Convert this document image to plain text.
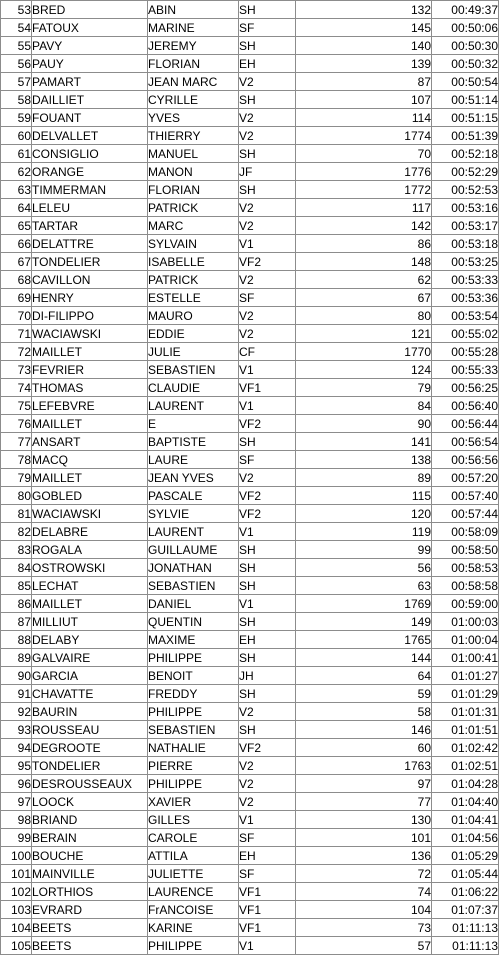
53	BRED	ABIN	SH	132	00:49:37
54	FATOUX	MARINE	SF	145	00:50:06
55	PAVY	JEREMY	SH	140	00:50:30
56	PAUY	FLORIAN	EH	139	00:50:32
57	PAMART	JEAN MARC	V2	87	00:50:54
58	DAILLIET	CYRILLE	SH	107	00:51:14
59	FOUANT	YVES	V2	114	00:51:15
60	DELVALLET	THIERRY	V2	1774	00:51:39
61	CONSIGLIO	MANUEL	SH	70	00:52:18
62	ORANGE	MANON	JF	1776	00:52:29
63	TIMMERMAN	FLORIAN	SH	1772	00:52:53
64	LELEU	PATRICK	V2	117	00:53:16
65	TARTAR	MARC	V2	142	00:53:17
66	DELATTRE	SYLVAIN	V1	86	00:53:18
67	TONDELIER	ISABELLE	VF2	148	00:53:25
68	CAVILLON	PATRICK	V2	62	00:53:33
69	HENRY	ESTELLE	SF	67	00:53:36
70	DI-FILIPPO	MAURO	V2	80	00:53:54
71	WACIAWSKI	EDDIE	V2	121	00:55:02
72	MAILLET	JULIE	CF	1770	00:55:28
73	FEVRIER	SEBASTIEN	V1	124	00:55:33
74	THOMAS	CLAUDIE	VF1	79	00:56:25
75	LEFEBVRE	LAURENT	V1	84	00:56:40
76	MAILLET	E	VF2	90	00:56:44
77	ANSART	BAPTISTE	SH	141	00:56:54
78	MACQ	LAURE	SF	138	00:56:56
79	MAILLET	JEAN YVES	V2	89	00:57:20
80	GOBLED	PASCALE	VF2	115	00:57:40
81	WACIAWSKI	SYLVIE	VF2	120	00:57:44
82	DELABRE	LAURENT	V1	119	00:58:09
83	ROGALA	GUILLAUME	SH	99	00:58:50
84	OSTROWSKI	JONATHAN	SH	56	00:58:53
85	LECHAT	SEBASTIEN	SH	63	00:58:58
86	MAILLET	DANIEL	V1	1769	00:59:00
87	MILLIUT	QUENTIN	SH	149	01:00:03
88	DELABY	MAXIME	EH	1765	01:00:04
89	GALVAIRE	PHILIPPE	SH	144	01:00:41
90	GARCIA	BENOIT	JH	64	01:01:27
91	CHAVATTE	FREDDY	SH	59	01:01:29
92	BAURIN	PHILIPPE	V2	58	01:01:31
93	ROUSSEAU	SEBASTIEN	SH	146	01:01:51
94	DEGROOTE	NATHALIE	VF2	60	01:02:42
95	TONDELIER	PIERRE	V2	1763	01:02:51
96	DESROUSSEAUX	PHILIPPE	V2	97	01:04:28
97	LOOCK	XAVIER	V2	77	01:04:40
98	BRIAND	GILLES	V1	130	01:04:41
99	BERAIN	CAROLE	SF	101	01:04:56
100	BOUCHE	ATTILA	EH	136	01:05:29
101	MAINVILLE	JULIETTE	SF	72	01:05:44
102	LORTHIOS	LAURENCE	VF1	74	01:06:22
103	EVRARD	FrANCOISE	VF1	104	01:07:37
104	BEETS	KARINE	VF1	73	01:11:13
105	BEETS	PHILIPPE	V1	57	01:11:13
